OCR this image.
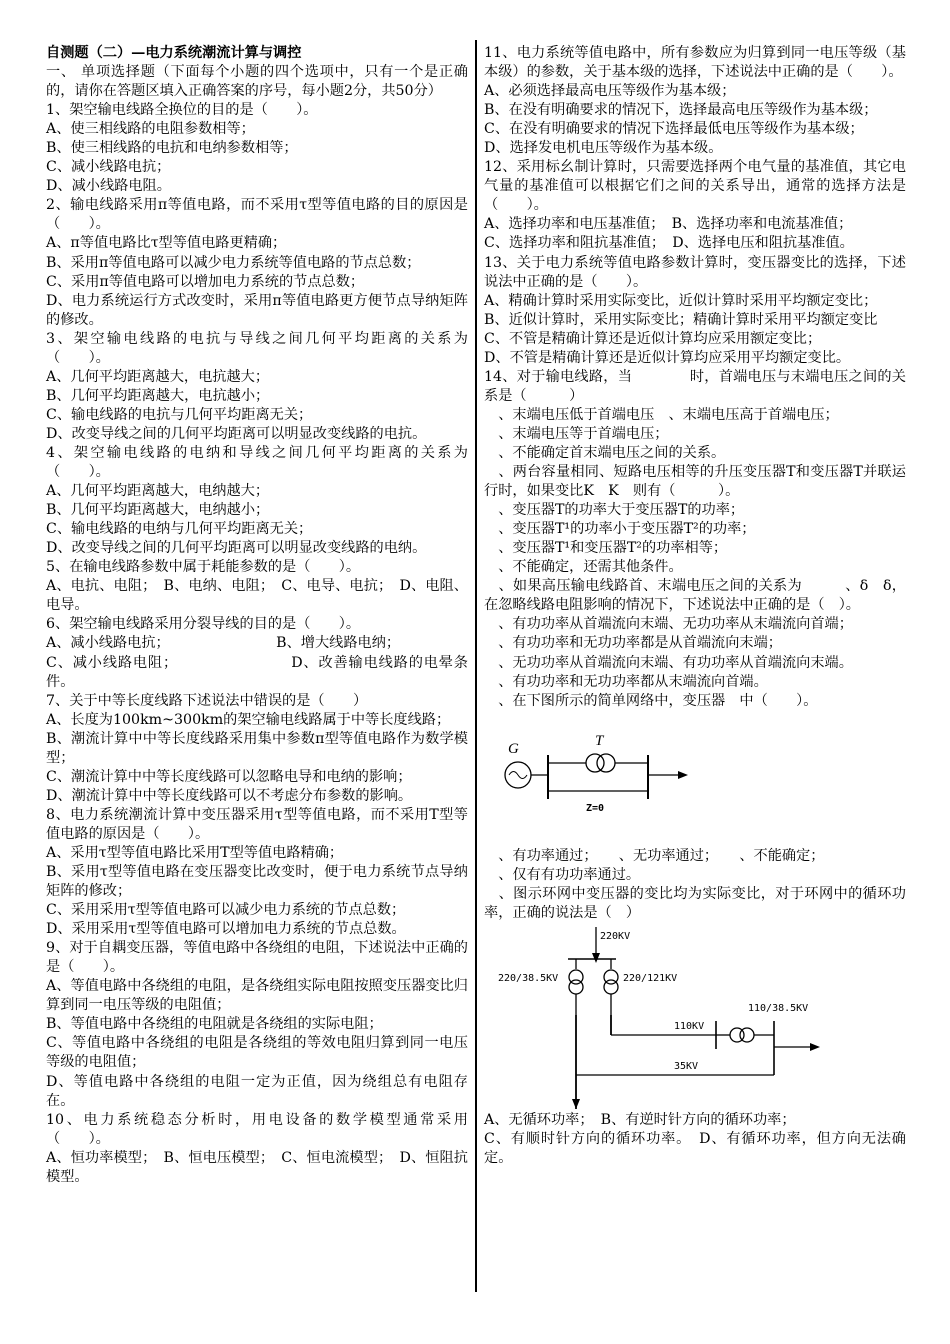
自测题（二）—电力系统潮流计算与调控

一、 单项选择题（下面每个小题的四个选项中，只有一个是正确的，请你在答题区填入正确答案的序号，每小题2分，共50分）

1、架空输电线路全换位的目的是（　　）。

A、使三相线路的电阻参数相等；

B、使三相线路的电抗和电纳参数相等；

C、减小线路电抗；

D、减小线路电阻。

2、输电线路采用π等值电路，而不采用τ型等值电路的目的原因是（　　）。

A、π等值电路比τ型等值电路更精确；

B、采用π等值电路可以减少电力系统等值电路的节点总数；

C、采用π等值电路可以增加电力系统的节点总数；

D、电力系统运行方式改变时，采用π等值电路更方便节点导纳矩阵的修改。

3、架空输电线路的电抗与导线之间几何平均距离的关系为（　　）。

A、几何平均距离越大，电抗越大；

B、几何平均距离越大，电抗越小；

C、输电线路的电抗与几何平均距离无关；

D、改变导线之间的几何平均距离可以明显改变线路的电抗。

4、架空输电线路的电纳和导线之间几何平均距离的关系为（　　）。

A、几何平均距离越大，电纳越大；

B、几何平均距离越大，电纳越小；

C、输电线路的电纳与几何平均距离无关；

D、改变导线之间的几何平均距离可以明显改变线路的电纳。

5、在输电线路参数中属于耗能参数的是（　　）。

A、电抗、电阻；　B、电纳、电阻；　C、电导、电抗；　D、电阻、电导。

6、架空输电线路采用分裂导线的目的是（　　）。

A、减小线路电抗；　　　　　　　　B、增大线路电纳；

C、减小线路电阻；　　　　　　　　D、改善输电线路的电晕条件。

7、关于中等长度线路下述说法中错误的是（　　）

A、长度为100km~300km的架空输电线路属于中等长度线路；

B、潮流计算中中等长度线路采用集中参数π型等值电路作为数学模型；

C、潮流计算中中等长度线路可以忽略电导和电纳的影响；

D、潮流计算中中等长度线路可以不考虑分布参数的影响。

8、电力系统潮流计算中变压器采用τ型等值电路，而不采用T型等值电路的原因是（　　）。

A、采用τ型等值电路比采用T型等值电路精确；

B、采用τ型等值电路在变压器变比改变时，便于电力系统节点导纳矩阵的修改；

C、采用采用τ型等值电路可以减少电力系统的节点总数；

D、采用采用τ型等值电路可以增加电力系统的节点总数。

9、对于自耦变压器，等值电路中各绕组的电阻，下述说法中正确的是（　　）。

A、等值电路中各绕组的电阻，是各绕组实际电阻按照变压器变比归算到同一电压等级的电阻值；

B、等值电路中各绕组的电阻就是各绕组的实际电阻；

C、等值电路中各绕组的电阻是各绕组的等效电阻归算到同一电压等级的电阻值；

D、等值电路中各绕组的电阻一定为正值，因为绕组总有电阻存在。

10、电力系统稳态分析时，用电设备的数学模型通常采用（　　）。

A、恒功率模型；　B、恒电压模型；　C、恒电流模型；　D、恒阻抗模型。

11、电力系统等值电路中，所有参数应为归算到同一电压等级（基本级）的参数，关于基本级的选择，下述说法中正确的是（　　）。

A、必须选择最高电压等级作为基本级；

B、在没有明确要求的情况下，选择最高电压等级作为基本级；

C、在没有明确要求的情况下选择最低电压等级作为基本级；

D、选择发电机电压等级作为基本级。

12、采用标幺制计算时，只需要选择两个电气量的基准值，其它电气量的基准值可以根据它们之间的关系导出，通常的选择方法是（　　）。

A、选择功率和电压基准值；　B、选择功率和电流基准值；

C、选择功率和阻抗基准值；　D、选择电压和阻抗基准值。

13、关于电力系统等值电路参数计算时，变压器变比的选择，下述说法中正确的是（　　）。

A、精确计算时采用实际变比，近似计算时采用平均额定变比；

B、近似计算时，采用实际变比；精确计算时采用平均额定变比

C、不管是精确计算还是近似计算均应采用额定变比；

D、不管是精确计算还是近似计算均应采用平均额定变比。

14、对于输电线路，当　　　　时，首端电压与末端电压之间的关系是（　　　）

　、末端电压低于首端电压　、末端电压高于首端电压；

　、末端电压等于首端电压；

　、不能确定首末端电压之间的关系。

　、两台容量相同、短路电压相等的升压变压器T和变压器T并联运行时，如果变比K　K　则有（　　　）。

　、变压器T的功率大于变压器T的功率；

　、变压器T¹的功率小于变压器T²的功率；

　、变压器T¹和变压器T²的功率相等；

　、不能确定，还需其他条件。

　、如果高压输电线路首、末端电压之间的关系为　　　、δ　δ，在忽略线路电阻影响的情况下，下述说法中正确的是（　）。

　、有功功率从首端流向末端、无功功率从末端流向首端；

　、有功功率和无功功率都是从首端流向末端；

　、无功功率从首端流向末端、有功功率从首端流向末端。

　、有功功率和无功功率都从末端流向首端。

　、在下图所示的简单网络中，变压器　中（　　）。

G	T
Z=0

　、有功率通过；　　、无功率通过；　　、不能确定；

　、仅有有功功率通过。

　、图示环网中变压器的变比均为实际变比，对于环网中的循环功率，正确的说法是（　）

220KV
220/38.5KV	220/121KV
110KV
110/38.5KV
35KV

A、无循环功率；　B、有逆时针方向的循环功率；

C、有顺时针方向的循环功率。　D、有循环功率，但方向无法确定。
